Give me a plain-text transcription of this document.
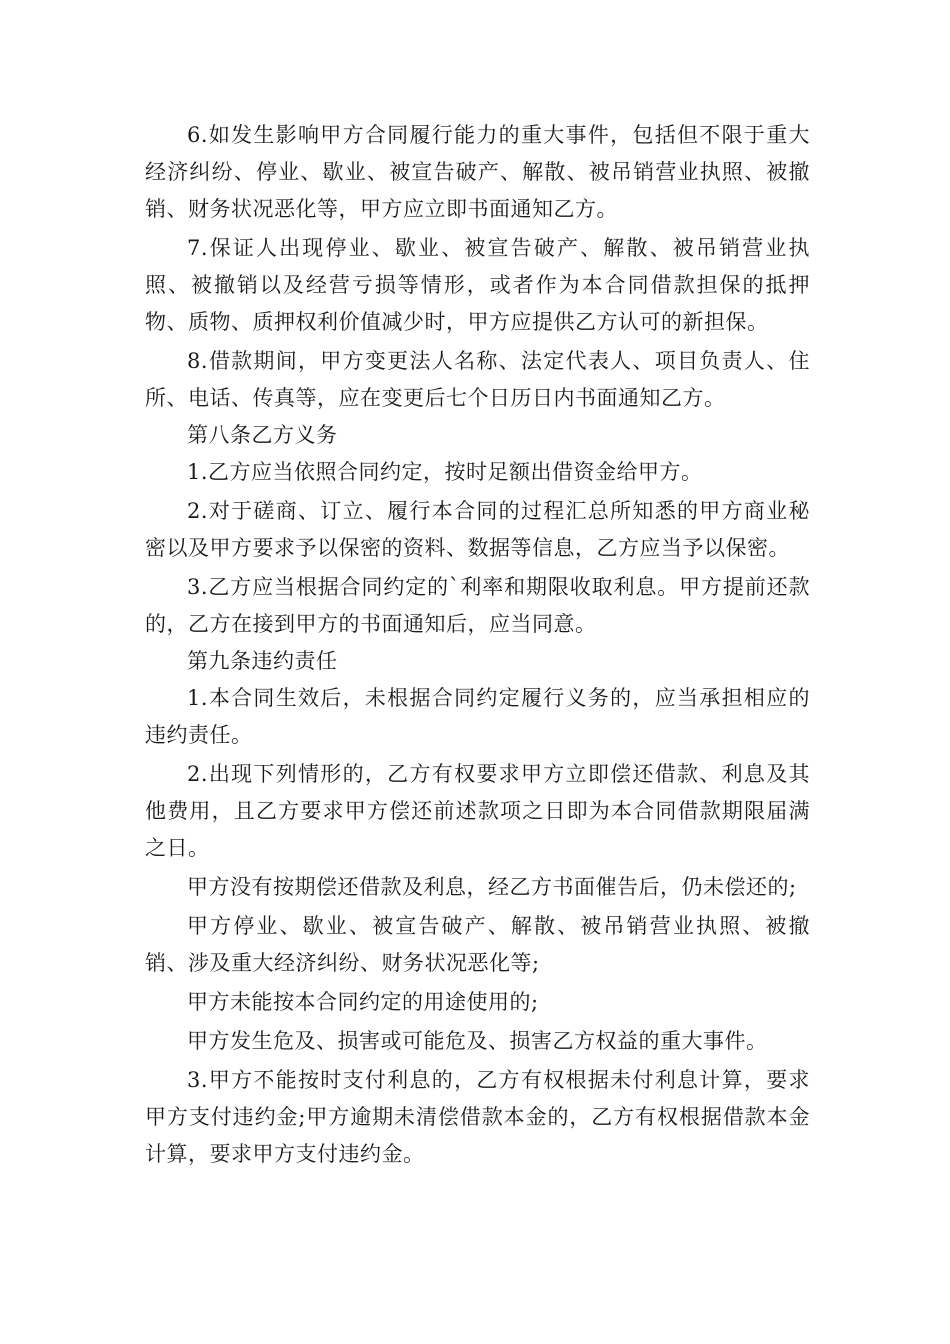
6.如发生影响甲方合同履行能力的重大事件，包括但不限于重大经济纠纷、停业、歇业、被宣告破产、解散、被吊销营业执照、被撤销、财务状况恶化等，甲方应立即书面通知乙方。

7.保证人出现停业、歇业、被宣告破产、解散、被吊销营业执照、被撤销以及经营亏损等情形，或者作为本合同借款担保的抵押物、质物、质押权利价值减少时，甲方应提供乙方认可的新担保。

8.借款期间，甲方变更法人名称、法定代表人、项目负责人、住所、电话、传真等，应在变更后七个日历日内书面通知乙方。

第八条乙方义务

1.乙方应当依照合同约定，按时足额出借资金给甲方。

2.对于磋商、订立、履行本合同的过程汇总所知悉的甲方商业秘密以及甲方要求予以保密的资料、数据等信息，乙方应当予以保密。

3.乙方应当根据合同约定的`利率和期限收取利息。甲方提前还款的，乙方在接到甲方的书面通知后，应当同意。

第九条违约责任

1.本合同生效后，未根据合同约定履行义务的，应当承担相应的违约责任。

2.出现下列情形的，乙方有权要求甲方立即偿还借款、利息及其他费用，且乙方要求甲方偿还前述款项之日即为本合同借款期限届满之日。

甲方没有按期偿还借款及利息，经乙方书面催告后，仍未偿还的;

甲方停业、歇业、被宣告破产、解散、被吊销营业执照、被撤销、涉及重大经济纠纷、财务状况恶化等;

甲方未能按本合同约定的用途使用的;

甲方发生危及、损害或可能危及、损害乙方权益的重大事件。

3.甲方不能按时支付利息的，乙方有权根据未付利息计算，要求甲方支付违约金;甲方逾期未清偿借款本金的，乙方有权根据借款本金计算，要求甲方支付违约金。
